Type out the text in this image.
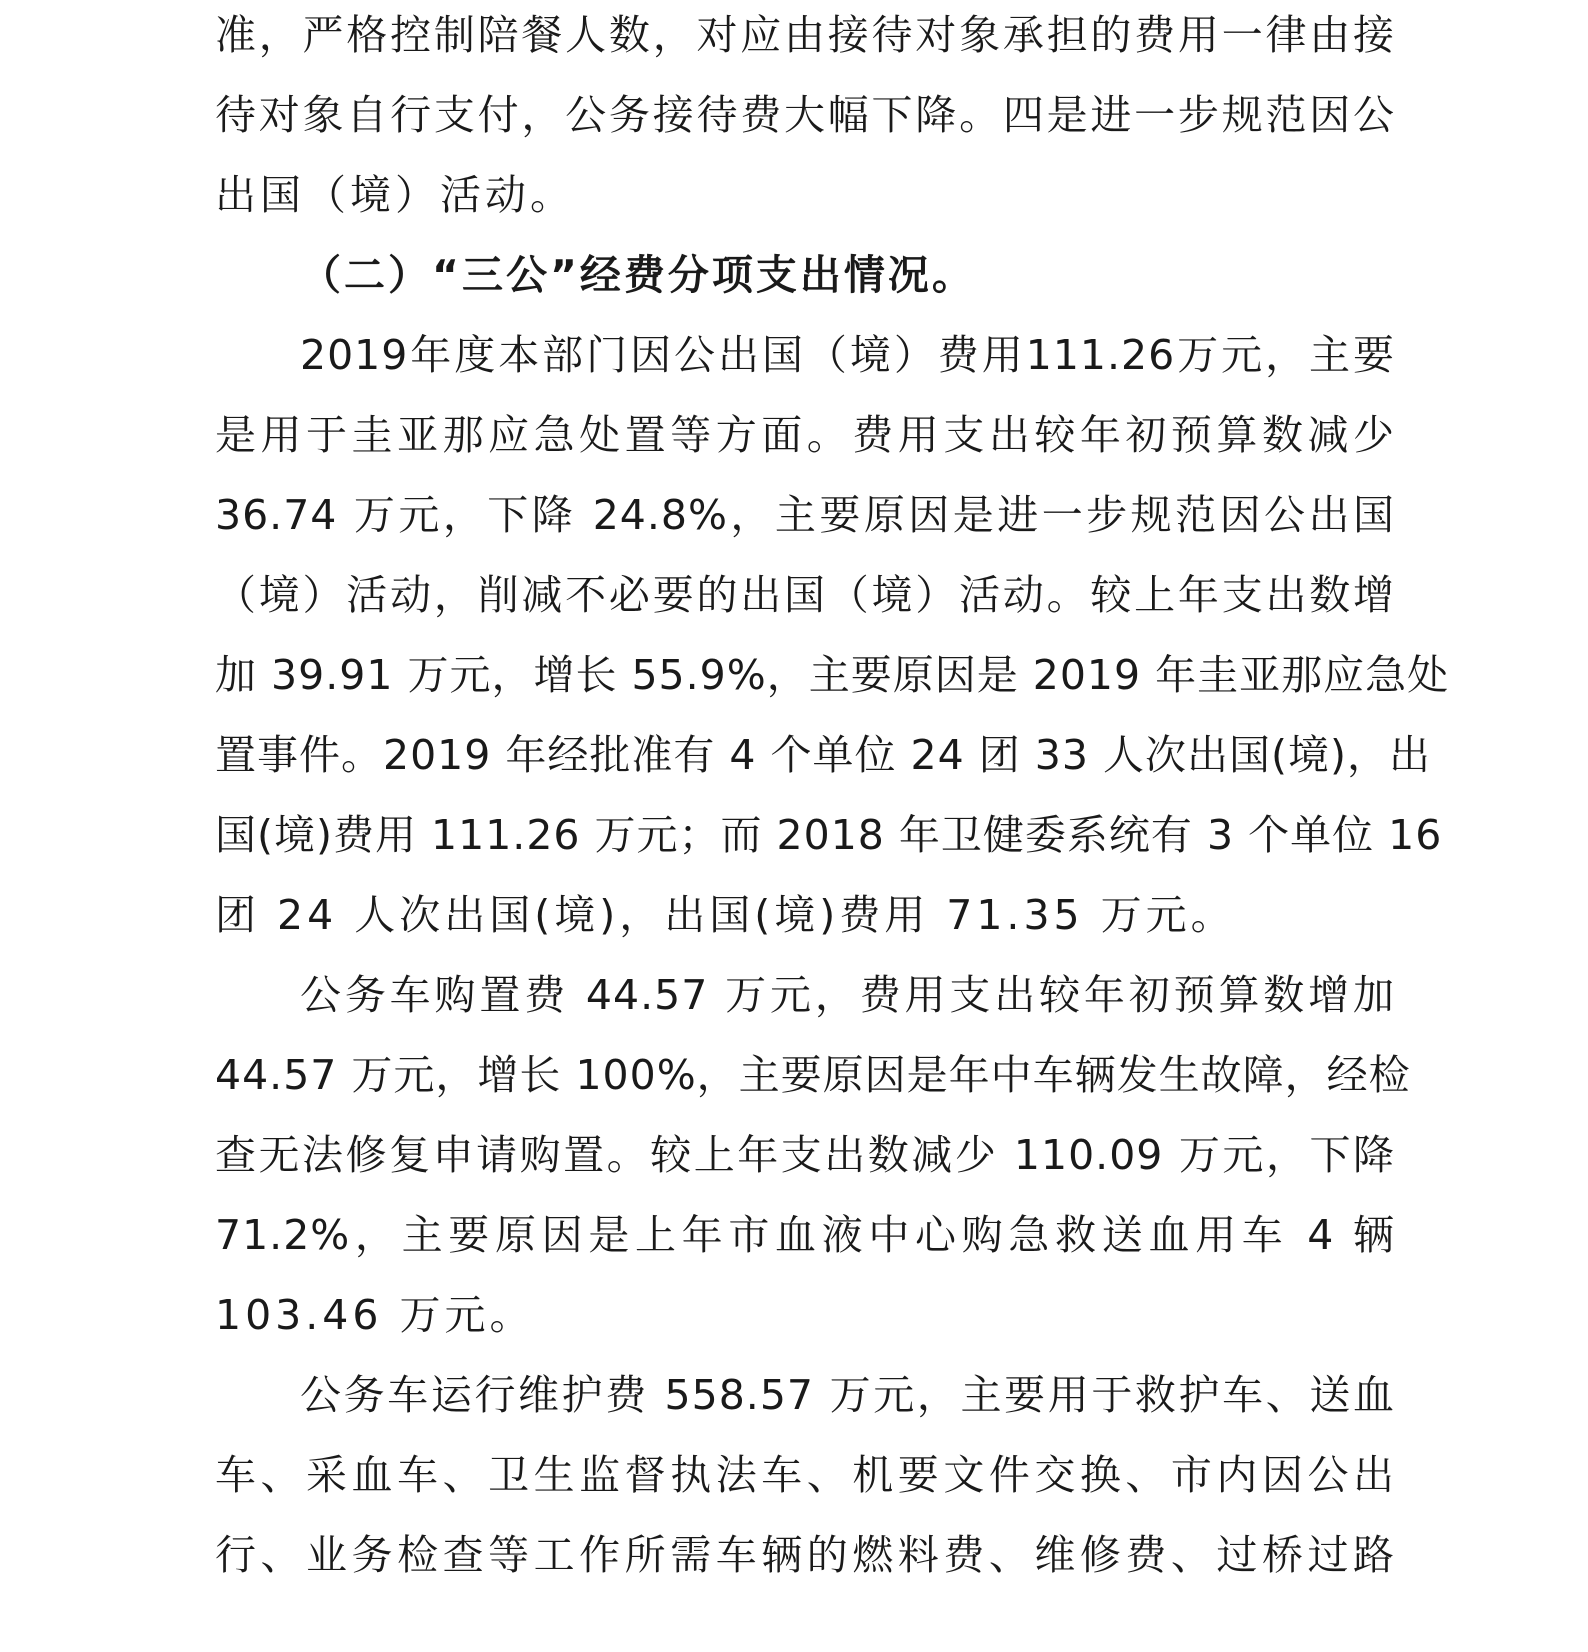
准，严格控制陪餐人数，对应由接待对象承担的费用一律由接
待对象自行支付，公务接待费大幅下降。四是进一步规范因公
出国（境）活动。
（二）“三公”经费分项支出情况。
2019年度本部门因公出国（境）费用111.26万元，主要
是用于圭亚那应急处置等方面。费用支出较年初预算数减少
36.74 万元，下降 24.8%，主要原因是进一步规范因公出国
（境）活动，削减不必要的出国（境）活动。较上年支出数增
加 39.91 万元，增长 55.9%，主要原因是 2019 年圭亚那应急处
置事件。2019 年经批准有 4 个单位 24 团 33 人次出国(境)，出
国(境)费用 111.26 万元；而 2018 年卫健委系统有 3 个单位 16
团 24 人次出国(境)，出国(境)费用 71.35 万元。
公务车购置费 44.57 万元，费用支出较年初预算数增加
44.57 万元，增长 100%，主要原因是年中车辆发生故障，经检
查无法修复申请购置。较上年支出数减少 110.09 万元，下降
71.2%，主要原因是上年市血液中心购急救送血用车 4 辆
103.46 万元。
公务车运行维护费 558.57 万元，主要用于救护车、送血
车、采血车、卫生监督执法车、机要文件交换、市内因公出
行、业务检查等工作所需车辆的燃料费、维修费、过桥过路
